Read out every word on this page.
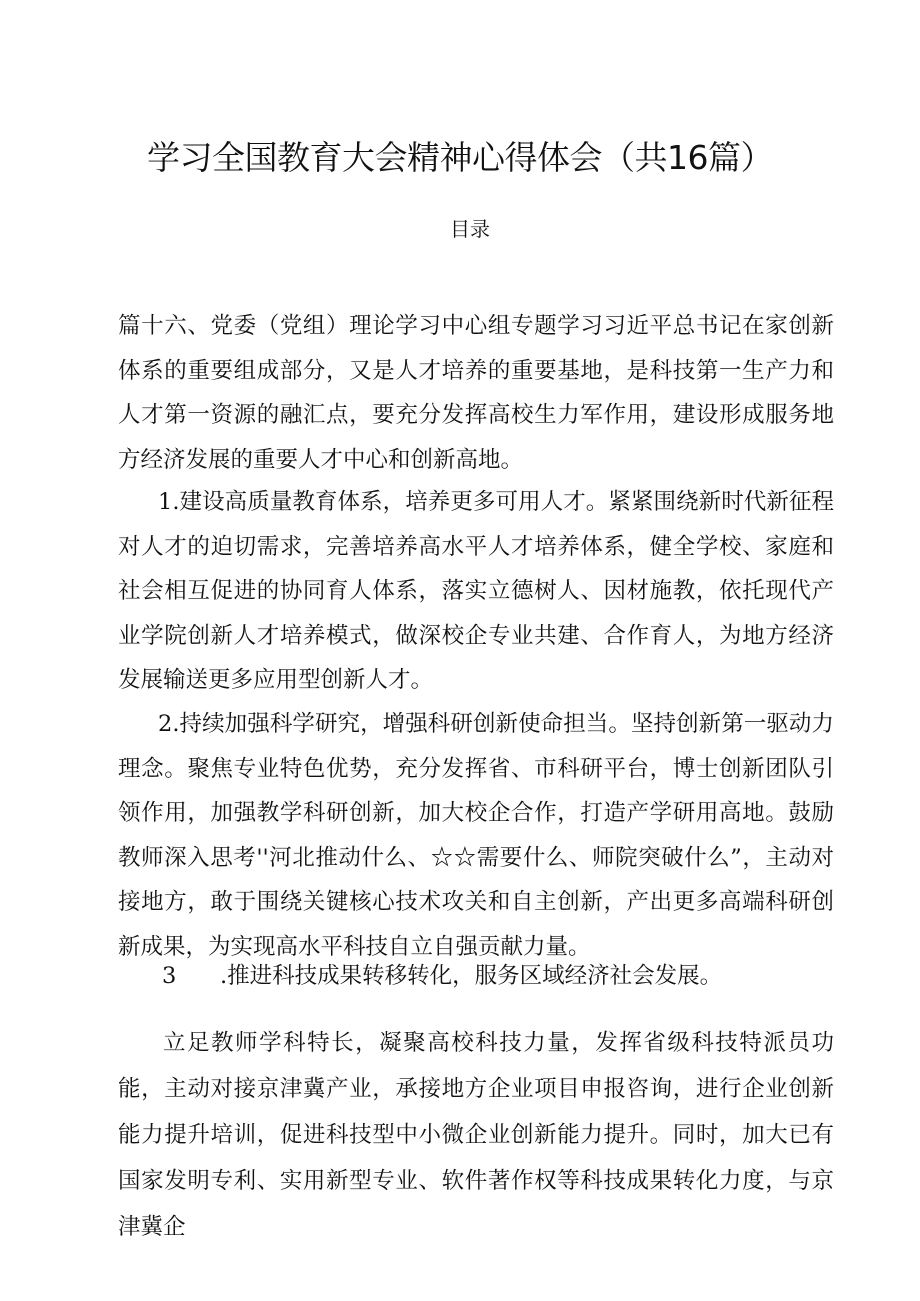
学习全国教育大会精神心得体会（共16篇）
目录

篇十六、党委（党组）理论学习中心组专题学习习近平总书记在家创新体系的重要组成部分，又是人才培养的重要基地，是科技第一生产力和人才第一资源的融汇点，要充分发挥高校生力军作用，建设形成服务地方经济发展的重要人才中心和创新高地。

1.建设高质量教育体系，培养更多可用人才。紧紧围绕新时代新征程对人才的迫切需求，完善培养高水平人才培养体系，健全学校、家庭和社会相互促进的协同育人体系，落实立德树人、因材施教，依托现代产业学院创新人才培养模式，做深校企专业共建、合作育人，为地方经济发展输送更多应用型创新人才。

2.持续加强科学研究，增强科研创新使命担当。坚持创新第一驱动力理念。聚焦专业特色优势，充分发挥省、市科研平台，博士创新团队引领作用，加强教学科研创新，加大校企合作，打造产学研用高地。鼓励教师深入思考''河北推动什么、☆☆需要什么、师院突破什么”，主动对接地方，敢于围绕关键核心技术攻关和自主创新，产出更多高端科研创新成果，为实现高水平科技自立自强贡献力量。

3 .推进科技成果转移转化，服务区域经济社会发展。

立足教师学科特长，凝聚高校科技力量，发挥省级科技特派员功能，主动对接京津冀产业，承接地方企业项目申报咨询，进行企业创新能力提升培训，促进科技型中小微企业创新能力提升。同时，加大已有国家发明专利、实用新型专业、软件著作权等科技成果转化力度，与京津冀企
